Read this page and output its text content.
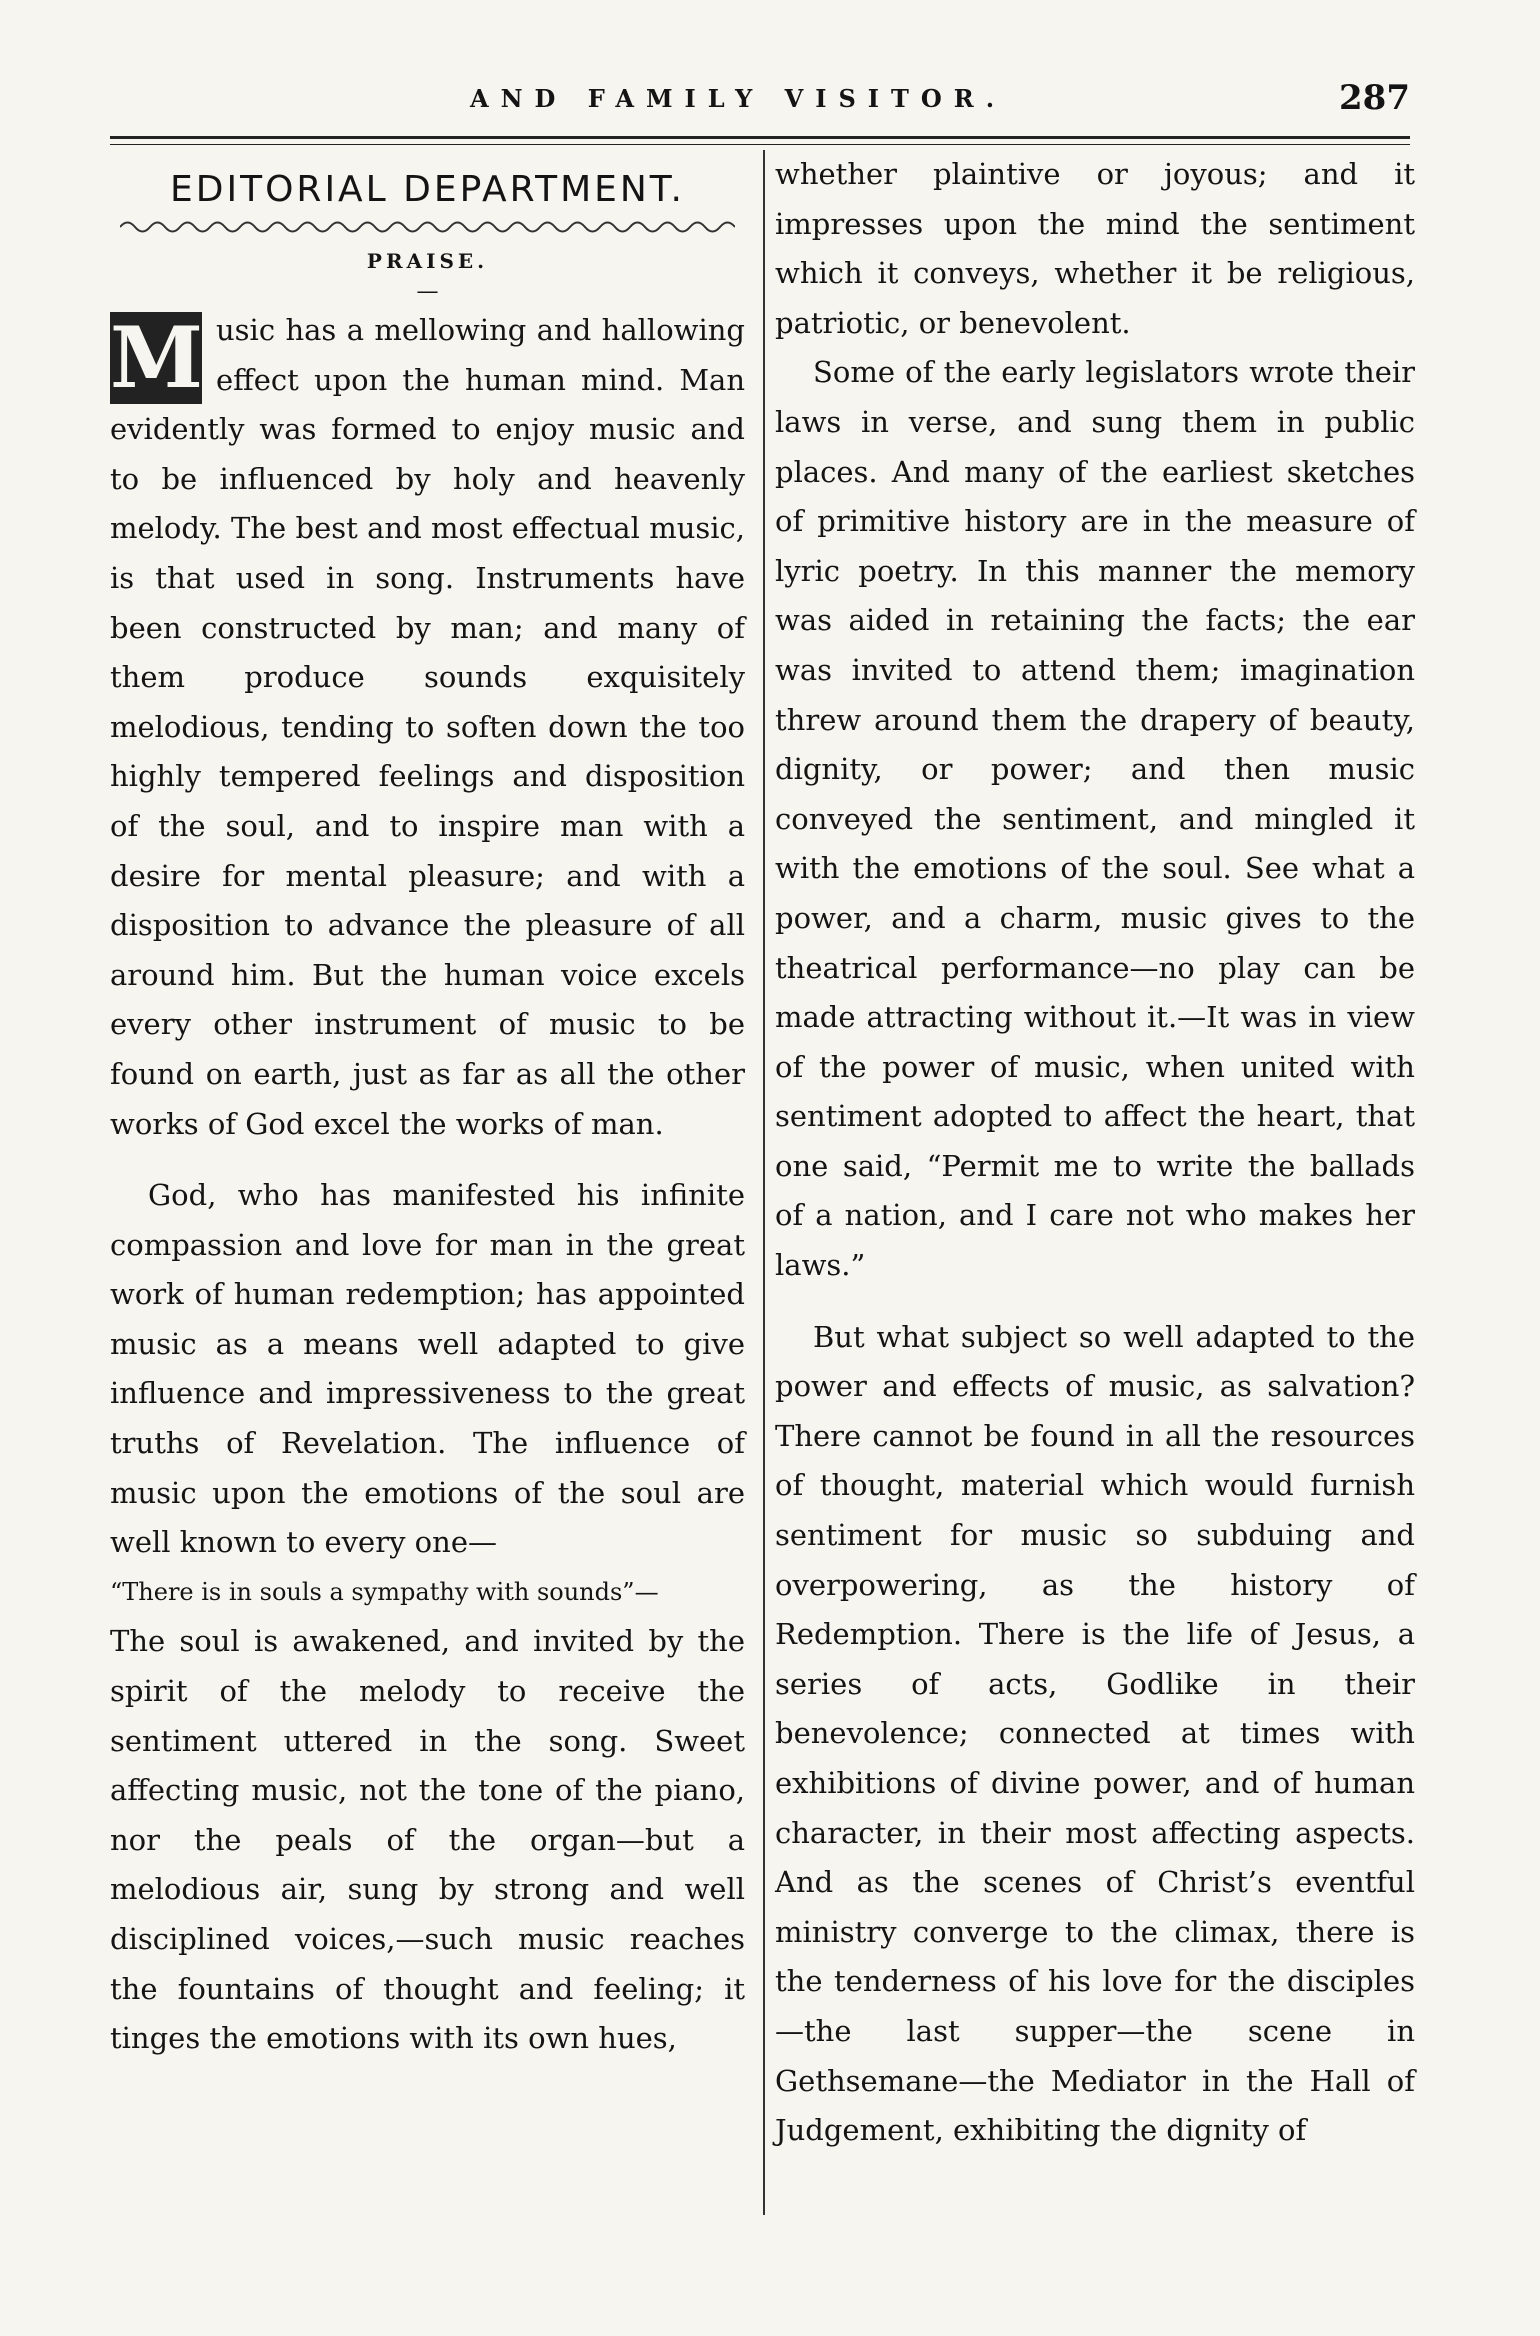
AND FAMILY VISITOR.	287
EDITORIAL DEPARTMENT.
PRAISE.
—

M usic has a mellowing and hallowing effect upon the human mind. Man evidently was formed to enjoy music and to be influenced by holy and heavenly melody. The best and most effectual music, is that used in song. Instruments have been constructed by man; and many of them produce sounds exquisitely melodious, tending to soften down the too highly tempered feelings and disposition of the soul, and to inspire man with a desire for mental pleasure; and with a disposition to advance the pleasure of all around him. But the human voice excels every other instrument of music to be found on earth, just as far as all the other works of God excel the works of man.

God, who has manifested his infinite compassion and love for man in the great work of human redemption; has appointed music as a means well adapted to give influence and impressiveness to the great truths of Revelation. The influence of music upon the emotions of the soul are well known to every one—

“There is in souls a sympathy with sounds”—

The soul is awakened, and invited by the spirit of the melody to receive the sentiment uttered in the song. Sweet affecting music, not the tone of the piano, nor the peals of the organ—but a melodious air, sung by strong and well disciplined voices,—such music reaches the fountains of thought and feeling; it tinges the emotions with its own hues,

whether plaintive or joyous; and it impresses upon the mind the sentiment which it conveys, whether it be religious, patriotic, or benevolent.

Some of the early legislators wrote their laws in verse, and sung them in public places. And many of the earliest sketches of primitive history are in the measure of lyric poetry. In this manner the memory was aided in retaining the facts; the ear was invited to attend them; imagination threw around them the drapery of beauty, dignity, or power; and then music conveyed the sentiment, and mingled it with the emotions of the soul. See what a power, and a charm, music gives to the theatrical performance—no play can be made attracting without it.—It was in view of the power of music, when united with sentiment adopted to affect the heart, that one said, “Permit me to write the ballads of a nation, and I care not who makes her laws.”

But what subject so well adapted to the power and effects of music, as salvation? There cannot be found in all the resources of thought, material which would furnish sentiment for music so subduing and overpowering, as the history of Redemption. There is the life of Jesus, a series of acts, Godlike in their benevolence; connected at times with exhibitions of divine power, and of human character, in their most affecting aspects. And as the scenes of Christ’s eventful ministry converge to the climax, there is the tenderness of his love for the disciples—the last supper—the scene in Gethsemane—the Mediator in the Hall of Judgement, exhibiting the dignity of
